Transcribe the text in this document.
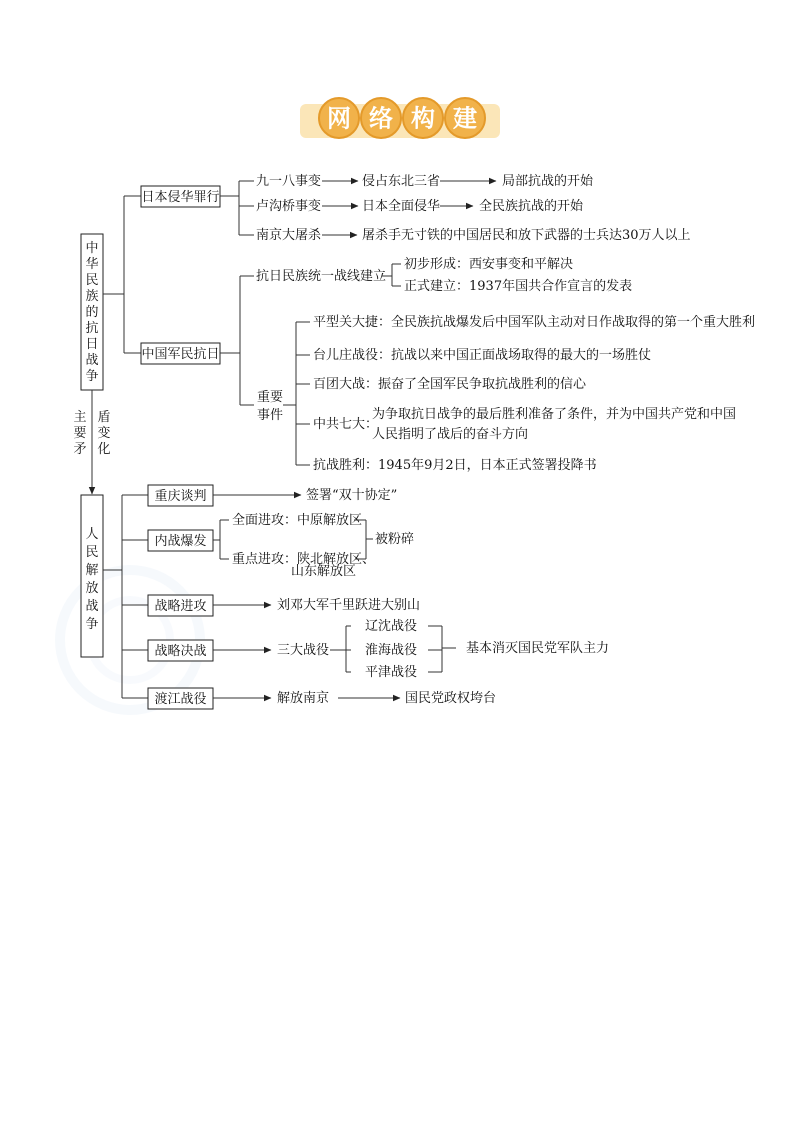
网 络 构 建
中
华
民
族
的
抗
日
战
争
主
要
矛
盾
变
化
人
民
解
放
战
争
日本侵华罪行
九一八事变	侵占东北三省	局部抗战的开始
卢沟桥事变	日本全面侵华	全民族抗战的开始
南京大屠杀	屠杀手无寸铁的中国居民和放下武器的士兵达30万人以上
中国军民抗日
抗日民族统一战线建立
初步形成：西安事变和平解决
正式建立：1937年国共合作宣言的发表
重要
事件
平型关大捷：全民族抗战爆发后中国军队主动对日作战取得的第一个重大胜利
台儿庄战役：抗战以来中国正面战场取得的最大的一场胜仗
百团大战：振奋了全国军民争取抗战胜利的信心
中共七大：
为争取抗日战争的最后胜利准备了条件，并为中国共产党和中国
人民指明了战后的奋斗方向
抗战胜利：1945年9月2日，日本正式签署投降书
重庆谈判	签署“双十协定”
内战爆发
全面进攻：中原解放区
重点进攻：陕北解放区、
山东解放区
被粉碎
战略进攻	刘邓大军千里跃进大别山
战略决战	三大战役
辽沈战役
淮海战役
平津战役
基本消灭国民党军队主力
渡江战役	解放南京	国民党政权垮台
